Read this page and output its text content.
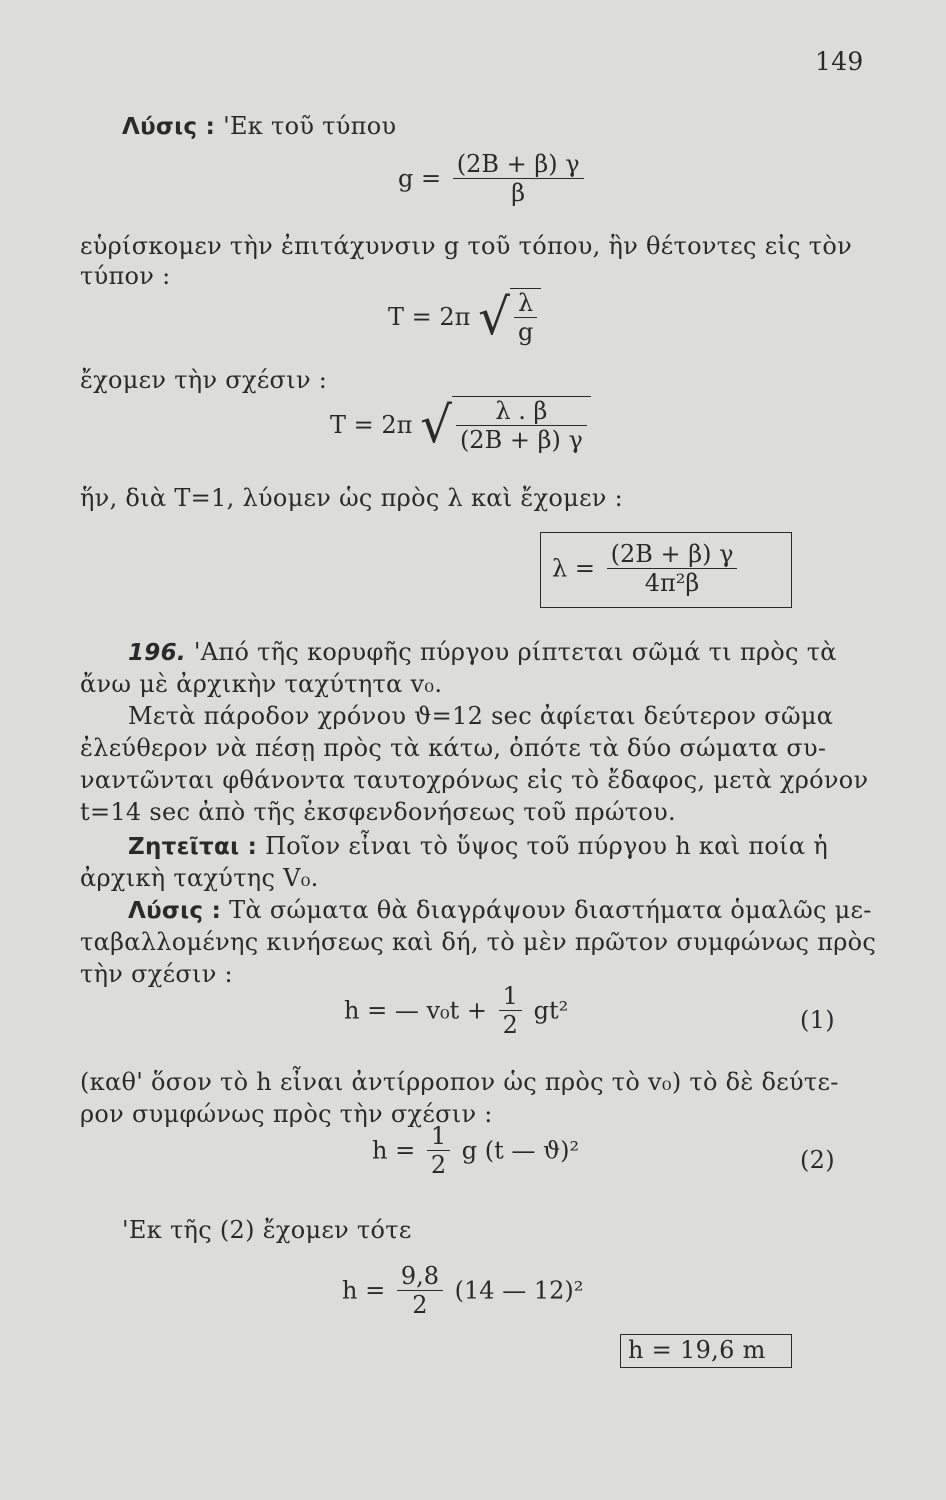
149
Λύσις : 'Εκ τοῦ τύπου
$g = \frac{(2B + \beta) \gamma}{\beta}$
εὑρίσκομεν τὴν ἐπιτάχυνσιν g τοῦ τόπου, ἣν θέτοντες εἰς τὸν
τύπον :
T = 2π √ $\frac{\lambda}{g}$
ἔχομεν τὴν σχέσιν :
T = 2π √ $\frac{\lambda . \beta}{(2B + \beta) \gamma}$
ἥν, διὰ T=1, λύομεν ὡς πρὸς λ καὶ ἔχομεν :
$\lambda = \frac{(2B + \beta) \gamma}{\text{4π²β}}$
196. 'Από τῆς κορυφῆς πύργου ρίπτεται σῶμά τι πρὸς τὰ
ἄνω μὲ ἀρχικὴν ταχύτητα v₀.
Μετὰ πάροδον χρόνου ϑ=12 sec ἀφίεται δεύτερον σῶμα
ἐλεύθερον νὰ πέσῃ πρὸς τὰ κάτω, ὁπότε τὰ δύο σώματα συ-
ναντῶνται φθάνοντα ταυτοχρόνως εἰς τὸ ἔδαφος, μετὰ χρόνον
t=14 sec ἀπὸ τῆς ἐκσφενδονήσεως τοῦ πρώτου.
Ζητεῖται : Ποῖον εἶναι τὸ ὕψος τοῦ πύργου h καὶ ποία ἡ
ἀρχικὴ ταχύτης V₀.
Λύσις : Τὰ σώματα θὰ διαγράψουν διαστήματα ὁμαλῶς με-
ταβαλλομένης κινήσεως καὶ δή, τὸ μὲν πρῶτον συμφώνως πρὸς
τὴν σχέσιν :
h = — $v_0t + \frac{1}{2} gt^2$	(1)
(καθ' ὅσον τὸ h εἶναι ἀντίρροπον ὡς πρὸς τὸ v₀) τὸ δὲ δεύτε-
ρον συμφώνως πρὸς τὴν σχέσιν :
$h = \frac{1}{2}$ g (t — ϑ)²	(2)
'Εκ τῆς (2) ἔχομεν τότε
$h = \frac{9,8}{2} (14$ — 12)²
h = 19,6 m
